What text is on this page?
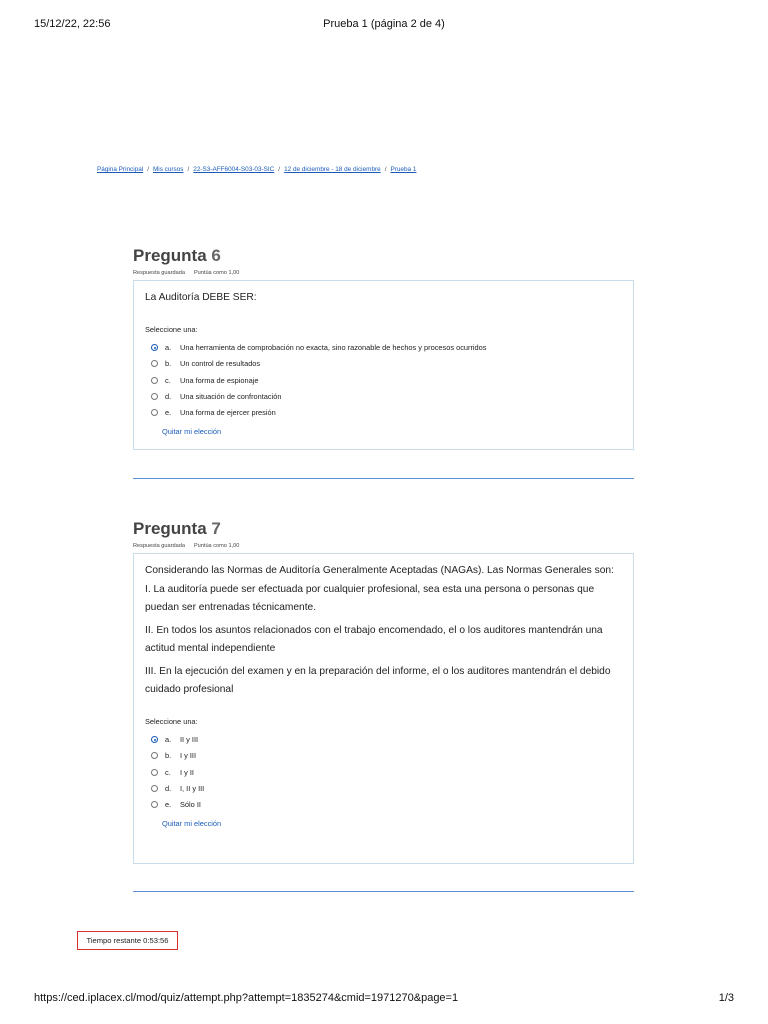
15/12/22, 22:56	Prueba 1 (página 2 de 4)
Página Principal / Mis cursos / 22-S3-AFF6004-S03-03-SIC / 12 de diciembre - 18 de diciembre / Prueba 1
Pregunta 6
Respuesta guardada Puntúa como 1,00

La Auditoría DEBE SER:

Seleccione una:
a.	Una herramienta de comprobación no exacta, sino razonable de hechos y procesos ocurridos
b.	Un control de resultados
c.	Una forma de espionaje
d.	Una situación de confrontación
e.	Una forma de ejercer presión
Quitar mi elección
Pregunta 7
Respuesta guardada Puntúa como 1,00

Considerando las Normas de Auditoría Generalmente Aceptadas (NAGAs). Las Normas Generales son:
I. La auditoría puede ser efectuada por cualquier profesional, sea esta una persona o personas que puedan ser entrenadas técnicamente.

II. En todos los asuntos relacionados con el trabajo encomendado, el o los auditores mantendrán una actitud mental independiente

III. En la ejecución del examen y en la preparación del informe, el o los auditores mantendrán el debido cuidado profesional

Seleccione una:
a.	II y III
b.	I y III
c.	I y II
d.	I, II y III
e.	Sólo II
Quitar mi elección
Tiempo restante 0:53:56
https://ced.iplacex.cl/mod/quiz/attempt.php?attempt=1835274&cmid=1971270&page=1	1/3
